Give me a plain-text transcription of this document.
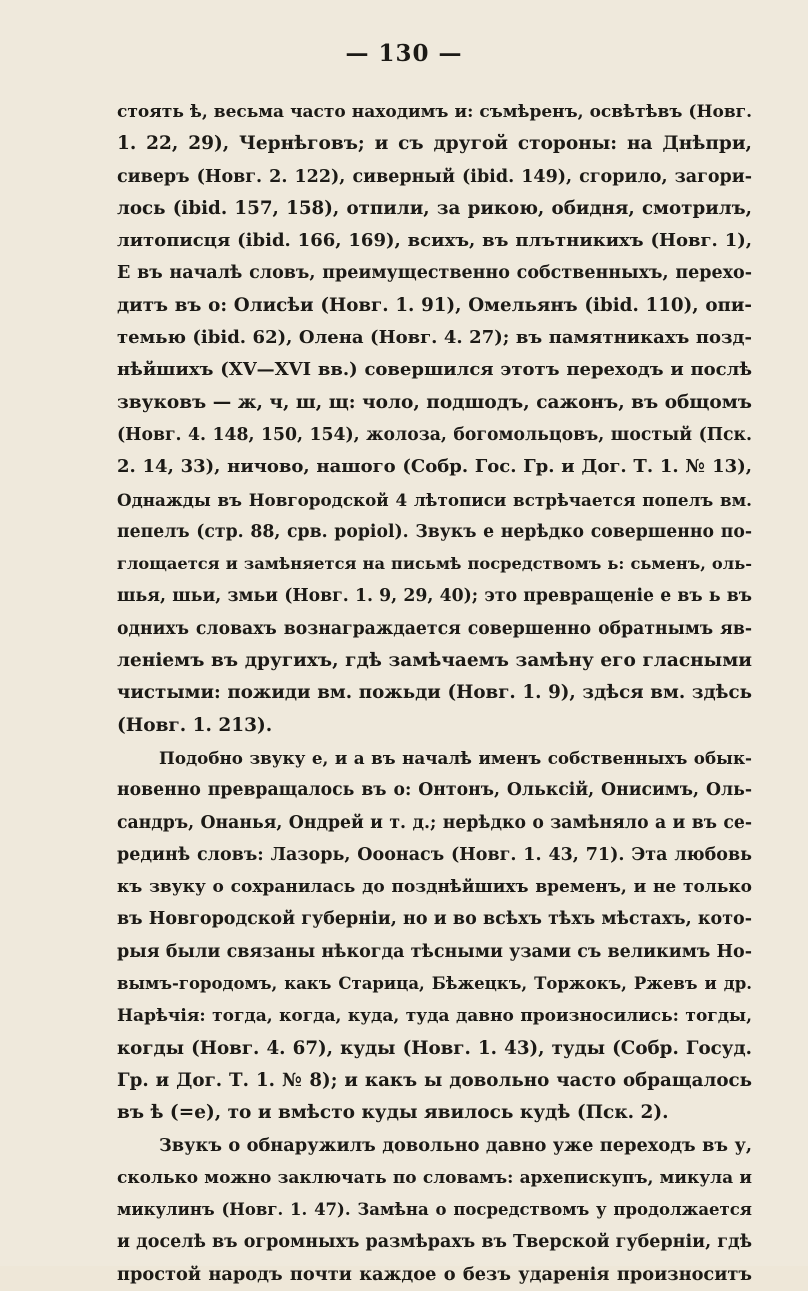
— 130 —
стоять ѣ, весьма часто находимъ и: съмѣренъ, освѣтѣвъ (Новг.
1. 22, 29), Чернѣговъ; и съ другой стороны: на Днѣпри,
сиверъ (Новг. 2. 122), сиверный (ibid. 149), сгорило, загори-
лось (ibid. 157, 158), отпили, за рикою, обидня, смотрилъ,
литописця (ibid. 166, 169), всихъ, въ плътникихъ (Новг. 1),
Е въ началѣ словъ, преимущественно собственныхъ, перехо-
дитъ въ о: Олисѣи (Новг. 1. 91), Омельянъ (ibid. 110), опи-
темью (ibid. 62), Олена (Новг. 4. 27); въ памятникахъ позд-
нѣйшихъ (XV—XVI вв.) совершился этотъ переходъ и послѣ
звуковъ — ж, ч, ш, щ: чоло, подшодъ, сажонъ, въ общомъ
(Новг. 4. 148, 150, 154), жолоза, богомольцовъ, шостый (Пск.
2. 14, 33), ничово, нашого (Собр. Гос. Гр. и Дог. Т. 1. № 13),
Однажды въ Новгородской 4 лѣтописи встрѣчается попелъ вм.
пепелъ (стр. 88, срв. popiol). Звукъ е нерѣдко совершенно по-
глощается и замѣняется на письмѣ посредствомъ ь: сьменъ, оль-
шья, шьи, змьи (Новг. 1. 9, 29, 40); это превращеніе е въ ь въ
одниxъ словахъ вознаграждается совершенно обратнымъ яв-
леніемъ въ другихъ, гдѣ замѣчаемъ замѣну его гласными
чистыми: пожиди вм. пожьди (Новг. 1. 9), здѣся вм. здѣсь
(Новг. 1. 213).
Подобно звуку е, и а въ началѣ именъ собственныхъ обык-
новенно превращалось въ о: Онтонъ, Ольксій, Онисимъ, Оль-
сандръ, Онанья, Ондрей и т. д.; нерѣдко о замѣняло а и въ се-
рединѣ словъ: Лазорь, Ооонасъ (Новг. 1. 43, 71). Эта любовь
къ звуку о сохранилась до позднѣйшихъ временъ, и не только
въ Новгородской губерніи, но и во всѣхъ тѣхъ мѣстахъ, кото-
рыя были связаны нѣкогда тѣсными узами съ великимъ Но-
вымъ-городомъ, какъ Старица, Бѣжецкъ, Торжокъ, Ржевъ и др.
Нарѣчія: тогда, когда, куда, туда давно произносились: тогды,
когды (Новг. 4. 67), куды (Новг. 1. 43), туды (Собр. Госуд.
Гр. и Дог. Т. 1. № 8); и какъ ы довольно часто обращалось
въ ѣ (=е), то и вмѣсто куды явилось кудѣ (Пск. 2).
Звукъ о обнаружилъ довольно давно уже переходъ въ у,
сколько можно заключать по словамъ: архепискупъ, микула и
микулинъ (Новг. 1. 47). Замѣна о посредствомъ у продолжается
и доселѣ въ огромныхъ размѣрахъ въ Тверской губерніи, гдѣ
простой народъ почти каждое о безъ ударенія произноситъ
